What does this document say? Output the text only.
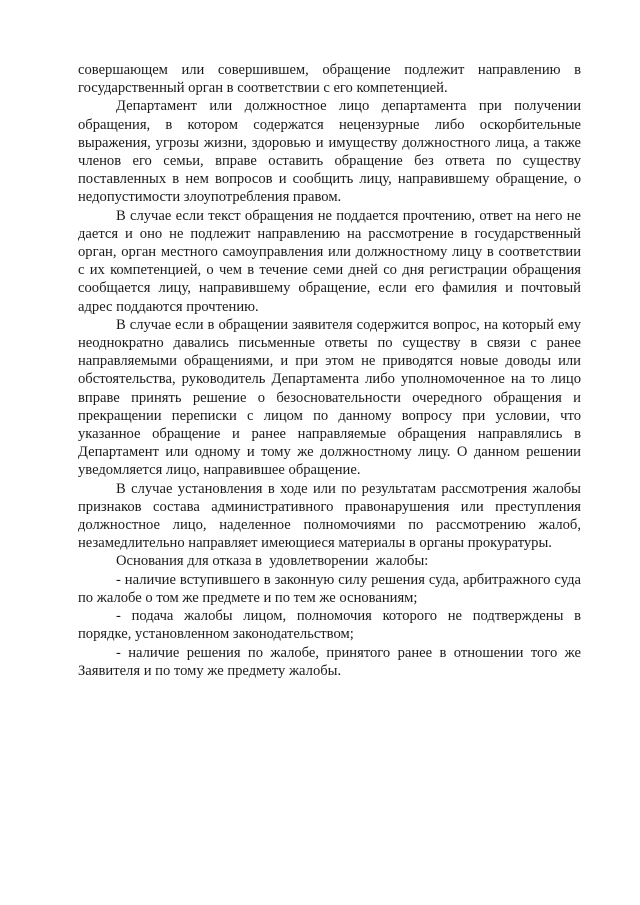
совершающем или совершившем, обращение подлежит направлению в государственный орган в соответствии с его компетенцией.

Департамент или должностное лицо департамента при получении обращения, в котором содержатся нецензурные либо оскорбительные выражения, угрозы жизни, здоровью и имуществу должностного лица, а также членов его семьи, вправе оставить обращение без ответа по существу поставленных в нем вопросов и сообщить лицу, направившему обращение, о недопустимости злоупотребления правом.

В случае если текст обращения не поддается прочтению, ответ на него не дается и оно не подлежит направлению на рассмотрение в государственный орган, орган местного самоуправления или должностному лицу в соответствии с их компетенцией, о чем в течение семи дней со дня регистрации обращения сообщается лицу, направившему обращение, если его фамилия и почтовый адрес поддаются прочтению.

В случае если в обращении заявителя содержится вопрос, на который ему неоднократно давались письменные ответы по существу в связи с ранее направляемыми обращениями, и при этом не приводятся новые доводы или обстоятельства, руководитель Департамента либо уполномоченное на то лицо вправе принять решение о безосновательности очередного обращения и прекращении переписки с лицом по данному вопросу при условии, что указанное обращение и ранее направляемые обращения направлялись в Департамент или одному и тому же должностному лицу. О данном решении уведомляется лицо, направившее обращение.

В случае установления в ходе или по результатам рассмотрения жалобы признаков состава административного правонарушения или преступления должностное лицо, наделенное полномочиями по рассмотрению жалоб, незамедлительно направляет имеющиеся материалы в органы прокуратуры.

Основания для отказа в  удовлетворении  жалобы:

- наличие вступившего в законную силу решения суда, арбитражного суда по жалобе о том же предмете и по тем же основаниям;

- подача жалобы лицом, полномочия которого не подтверждены в порядке, установленном законодательством;

- наличие решения по жалобе, принятого ранее в отношении того же Заявителя и по тому же предмету жалобы.
